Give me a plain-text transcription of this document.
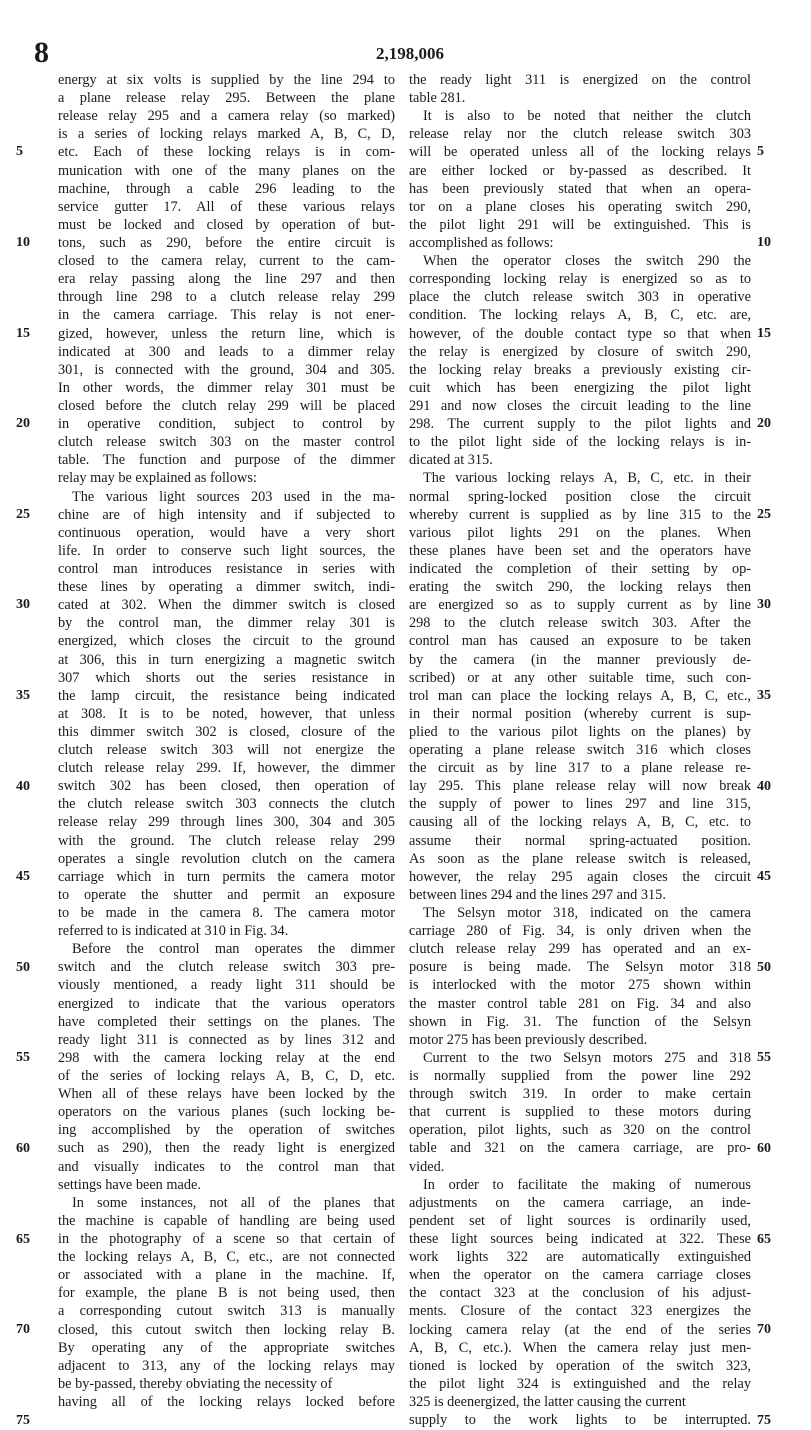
8	2,198,006
energy at six volts is supplied by the line 294 to
a plane release relay 295. Between the plane
release relay 295 and a camera relay (so marked)
is a series of locking relays marked A, B, C, D,
etc. Each of these locking relays is in com-
munication with one of the many planes on the
machine, through a cable 296 leading to the
service gutter 17. All of these various relays
must be locked and closed by operation of but-
tons, such as 290, before the entire circuit is
closed to the camera relay, current to the cam-
era relay passing along the line 297 and then
through line 298 to a clutch release relay 299
in the camera carriage. This relay is not ener-
gized, however, unless the return line, which is
indicated at 300 and leads to a dimmer relay
301, is connected with the ground, 304 and 305.
In other words, the dimmer relay 301 must be
closed before the clutch relay 299 will be placed
in operative condition, subject to control by
clutch release switch 303 on the master control
table. The function and purpose of the dimmer
relay may be explained as follows:
The various light sources 203 used in the ma-
chine are of high intensity and if subjected to
continuous operation, would have a very short
life. In order to conserve such light sources, the
control man introduces resistance in series with
these lines by operating a dimmer switch, indi-
cated at 302. When the dimmer switch is closed
by the control man, the dimmer relay 301 is
energized, which closes the circuit to the ground
at 306, this in turn energizing a magnetic switch
307 which shorts out the series resistance in
the lamp circuit, the resistance being indicated
at 308. It is to be noted, however, that unless
this dimmer switch 302 is closed, closure of the
clutch release switch 303 will not energize the
clutch release relay 299. If, however, the dimmer
switch 302 has been closed, then operation of
the clutch release switch 303 connects the clutch
release relay 299 through lines 300, 304 and 305
with the ground. The clutch release relay 299
operates a single revolution clutch on the camera
carriage which in turn permits the camera motor
to operate the shutter and permit an exposure
to be made in the camera 8. The camera motor
referred to is indicated at 310 in Fig. 34.
Before the control man operates the dimmer
switch and the clutch release switch 303 pre-
viously mentioned, a ready light 311 should be
energized to indicate that the various operators
have completed their settings on the planes. The
ready light 311 is connected as by lines 312 and
298 with the camera locking relay at the end
of the series of locking relays A, B, C, D, etc.
When all of these relays have been locked by the
operators on the various planes (such locking be-
ing accomplished by the operation of switches
such as 290), then the ready light is energized
and visually indicates to the control man that
settings have been made.
In some instances, not all of the planes that
the machine is capable of handling are being used
in the photography of a scene so that certain of
the locking relays A, B, C, etc., are not connected
or associated with a plane in the machine. If,
for example, the plane B is not being used, then
a corresponding cutout switch 313 is manually
closed, this cutout switch then locking relay B.
By operating any of the appropriate switches
adjacent to 313, any of the locking relays may
be by-passed, thereby obviating the necessity of
having all of the locking relays locked before
the ready light 311 is energized on the control
table 281.
It is also to be noted that neither the clutch
release relay nor the clutch release switch 303
will be operated unless all of the locking relays
are either locked or by-passed as described. It
has been previously stated that when an opera-
tor on a plane closes his operating switch 290,
the pilot light 291 will be extinguished. This is
accomplished as follows:
When the operator closes the switch 290 the
corresponding locking relay is energized so as to
place the clutch release switch 303 in operative
condition. The locking relays A, B, C, etc. are,
however, of the double contact type so that when
the relay is energized by closure of switch 290,
the locking relay breaks a previously existing cir-
cuit which has been energizing the pilot light
291 and now closes the circuit leading to the line
298. The current supply to the pilot lights and
to the pilot light side of the locking relays is in-
dicated at 315.
The various locking relays A, B, C, etc. in their
normal spring-locked position close the circuit
whereby current is supplied as by line 315 to the
various pilot lights 291 on the planes. When
these planes have been set and the operators have
indicated the completion of their setting by op-
erating the switch 290, the locking relays then
are energized so as to supply current as by line
298 to the clutch release switch 303. After the
control man has caused an exposure to be taken
by the camera (in the manner previously de-
scribed) or at any other suitable time, such con-
trol man can place the locking relays A, B, C, etc.,
in their normal position (whereby current is sup-
plied to the various pilot lights on the planes) by
operating a plane release switch 316 which closes
the circuit as by line 317 to a plane release re-
lay 295. This plane release relay will now break
the supply of power to lines 297 and line 315,
causing all of the locking relays A, B, C, etc. to
assume their normal spring-actuated position.
As soon as the plane release switch is released,
however, the relay 295 again closes the circuit
between lines 294 and the lines 297 and 315.
The Selsyn motor 318, indicated on the camera
carriage 280 of Fig. 34, is only driven when the
clutch release relay 299 has operated and an ex-
posure is being made. The Selsyn motor 318
is interlocked with the motor 275 shown within
the master control table 281 on Fig. 34 and also
shown in Fig. 31. The function of the Selsyn
motor 275 has been previously described.
Current to the two Selsyn motors 275 and 318
is normally supplied from the power line 292
through switch 319. In order to make certain
that current is supplied to these motors during
operation, pilot lights, such as 320 on the control
table and 321 on the camera carriage, are pro-
vided.
In order to facilitate the making of numerous
adjustments on the camera carriage, an inde-
pendent set of light sources is ordinarily used,
these light sources being indicated at 322. These
work lights 322 are automatically extinguished
when the operator on the camera carriage closes
the contact 323 at the conclusion of his adjust-
ments. Closure of the contact 323 energizes the
locking camera relay (at the end of the series
A, B, C, etc.). When the camera relay just men-
tioned is locked by operation of the switch 323,
the pilot light 324 is extinguished and the relay
325 is deenergized, the latter causing the current
supply to the work lights to be interrupted.
5
10
15
20
25
30
35
40
45
50
55
60
65
70
75
5
10
15
20
25
30
35
40
45
50
55
60
65
70
75
